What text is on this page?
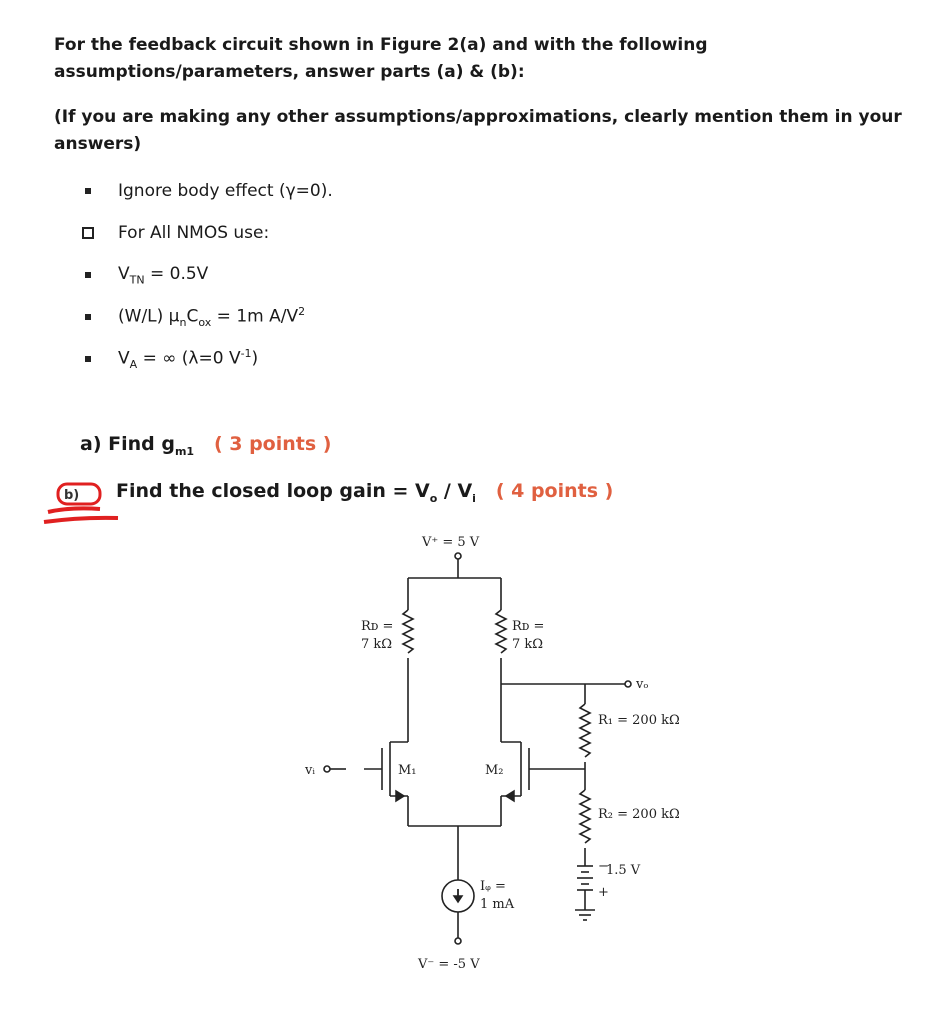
For the feedback circuit shown in Figure 2(a) and with the following assumptions/parameters, answer parts (a) & (b):
(If you are making any other assumptions/approximations, clearly mention them in your answers)
Ignore body effect (γ=0).
For All NMOS use:
$V_{TN} = 0.5V$
(W/L) $\mu_nC_{ox} = 1m$ $A/V^2$
$V_A$ = ∞ (λ=0 $V^{-1}$)
a) Find $g_{m1}$ ( 3 points )
Find the closed loop gain = $V_o / V_i$ ( 4 points )
b)
V⁺ = 5 V
Rᴅ =
7 kΩ
Rᴅ =
7 kΩ
vₒ
R₁ = 200 kΩ
M₁	M₂
vᵢ
R₂ = 200 kΩ
−
1.5 V
+
Iᵩ =
1 mA
V⁻ = -5 V
